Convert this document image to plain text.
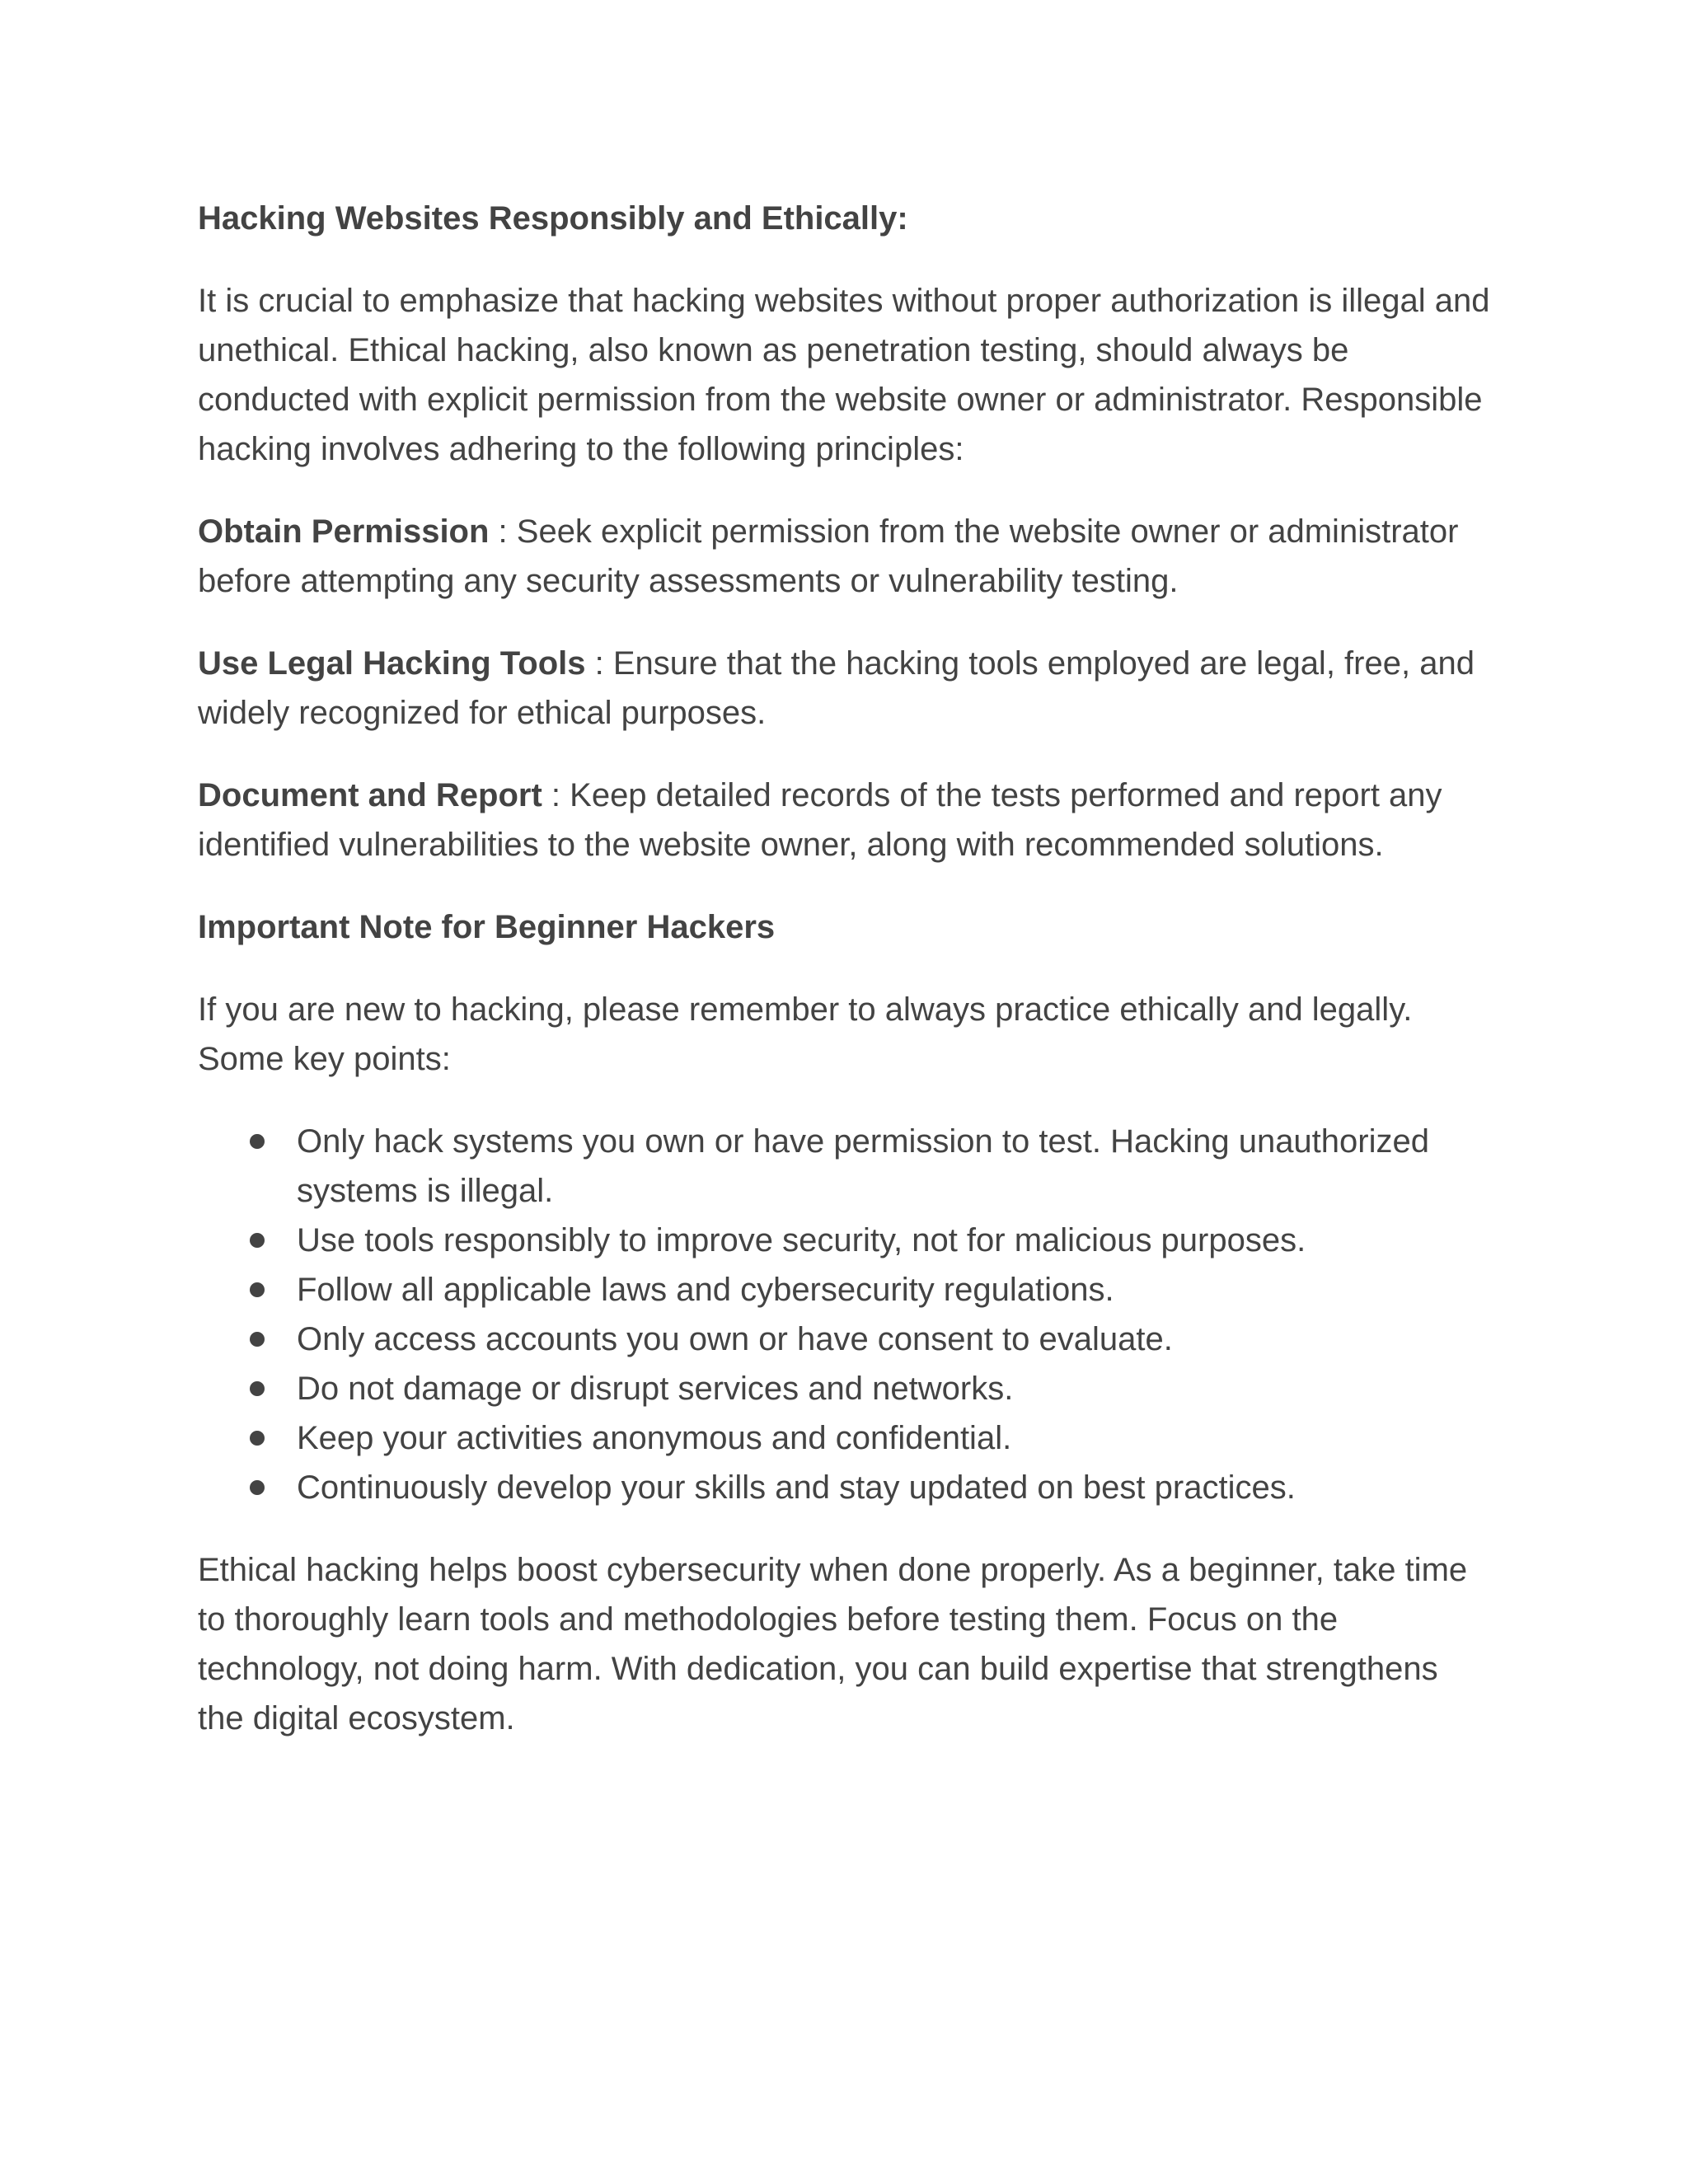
Hacking Websites Responsibly and Ethically:

It is crucial to emphasize that hacking websites without proper authorization is illegal and unethical. Ethical hacking, also known as penetration testing, should always be conducted with explicit permission from the website owner or administrator. Responsible hacking involves adhering to the following principles:

Obtain Permission : Seek explicit permission from the website owner or administrator before attempting any security assessments or vulnerability testing.

Use Legal Hacking Tools : Ensure that the hacking tools employed are legal, free, and widely recognized for ethical purposes.

Document and Report : Keep detailed records of the tests performed and report any identified vulnerabilities to the website owner, along with recommended solutions.

Important Note for Beginner Hackers

If you are new to hacking, please remember to always practice ethically and legally. Some key points:

Only hack systems you own or have permission to test. Hacking unauthorized systems is illegal.
Use tools responsibly to improve security, not for malicious purposes.
Follow all applicable laws and cybersecurity regulations.
Only access accounts you own or have consent to evaluate.
Do not damage or disrupt services and networks.
Keep your activities anonymous and confidential.
Continuously develop your skills and stay updated on best practices.

Ethical hacking helps boost cybersecurity when done properly. As a beginner, take time to thoroughly learn tools and methodologies before testing them. Focus on the technology, not doing harm. With dedication, you can build expertise that strengthens the digital ecosystem.
